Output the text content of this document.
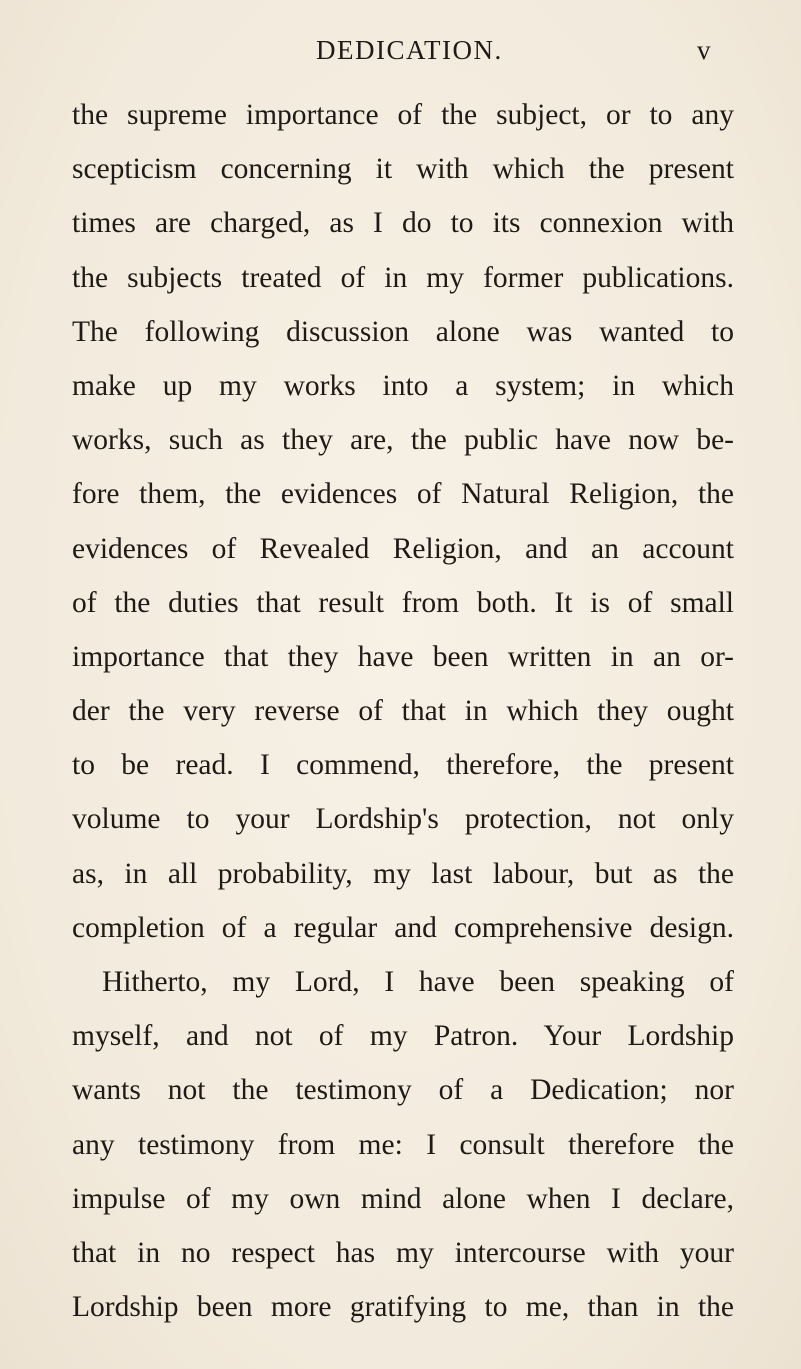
DEDICATION.	v
the supreme importance of the subject, or to any
scepticism concerning it with which the present
times are charged, as I do to its connexion with
the subjects treated of in my former publications.
The following discussion alone was wanted to
make up my works into a system; in which
works, such as they are, the public have now be-
fore them, the evidences of Natural Religion, the
evidences of Revealed Religion, and an account
of the duties that result from both. It is of small
importance that they have been written in an or-
der the very reverse of that in which they ought
to be read. I commend, therefore, the present
volume to your Lordship's protection, not only
as, in all probability, my last labour, but as the
completion of a regular and comprehensive design.
Hitherto, my Lord, I have been speaking of
myself, and not of my Patron. Your Lordship
wants not the testimony of a Dedication; nor
any testimony from me: I consult therefore the
impulse of my own mind alone when I declare,
that in no respect has my intercourse with your
Lordship been more gratifying to me, than in the
